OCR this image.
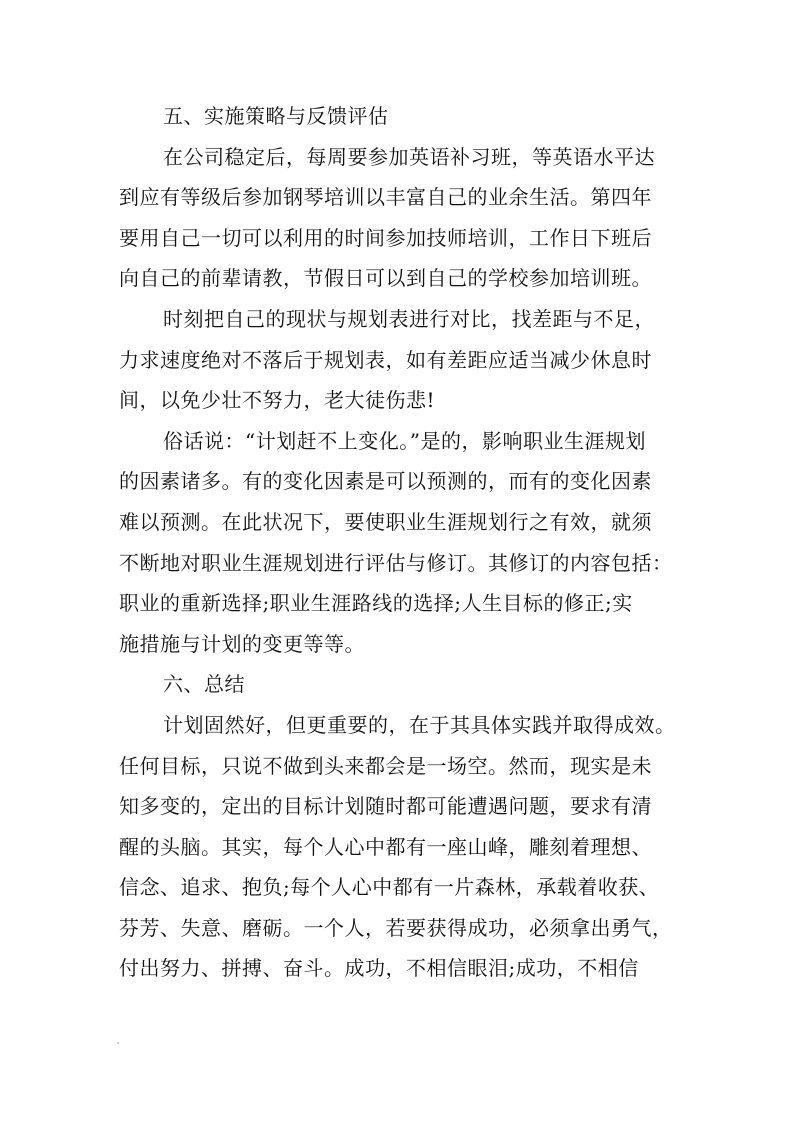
五、实施策略与反馈评估
在公司稳定后，每周要参加英语补习班，等英语水平达
到应有等级后参加钢琴培训以丰富自己的业余生活。第四年
要用自己一切可以利用的时间参加技师培训，工作日下班后
向自己的前辈请教，节假日可以到自己的学校参加培训班。
时刻把自己的现状与规划表进行对比，找差距与不足，
力求速度绝对不落后于规划表，如有差距应适当减少休息时
间，以免少壮不努力，老大徒伤悲!
俗话说：“计划赶不上变化。”是的，影响职业生涯规划
的因素诸多。有的变化因素是可以预测的，而有的变化因素
难以预测。在此状况下，要使职业生涯规划行之有效，就须
不断地对职业生涯规划进行评估与修订。其修订的内容包括：
职业的重新选择;职业生涯路线的选择;人生目标的修正;实
施措施与计划的变更等等。
六、总结
计划固然好，但更重要的，在于其具体实践并取得成效。
任何目标，只说不做到头来都会是一场空。然而，现实是未
知多变的，定出的目标计划随时都可能遭遇问题，要求有清
醒的头脑。其实，每个人心中都有一座山峰，雕刻着理想、
信念、追求、抱负;每个人心中都有一片森林，承载着收获、
芬芳、失意、磨砺。一个人，若要获得成功，必须拿出勇气，
付出努力、拼搏、奋斗。成功，不相信眼泪;成功，不相信
